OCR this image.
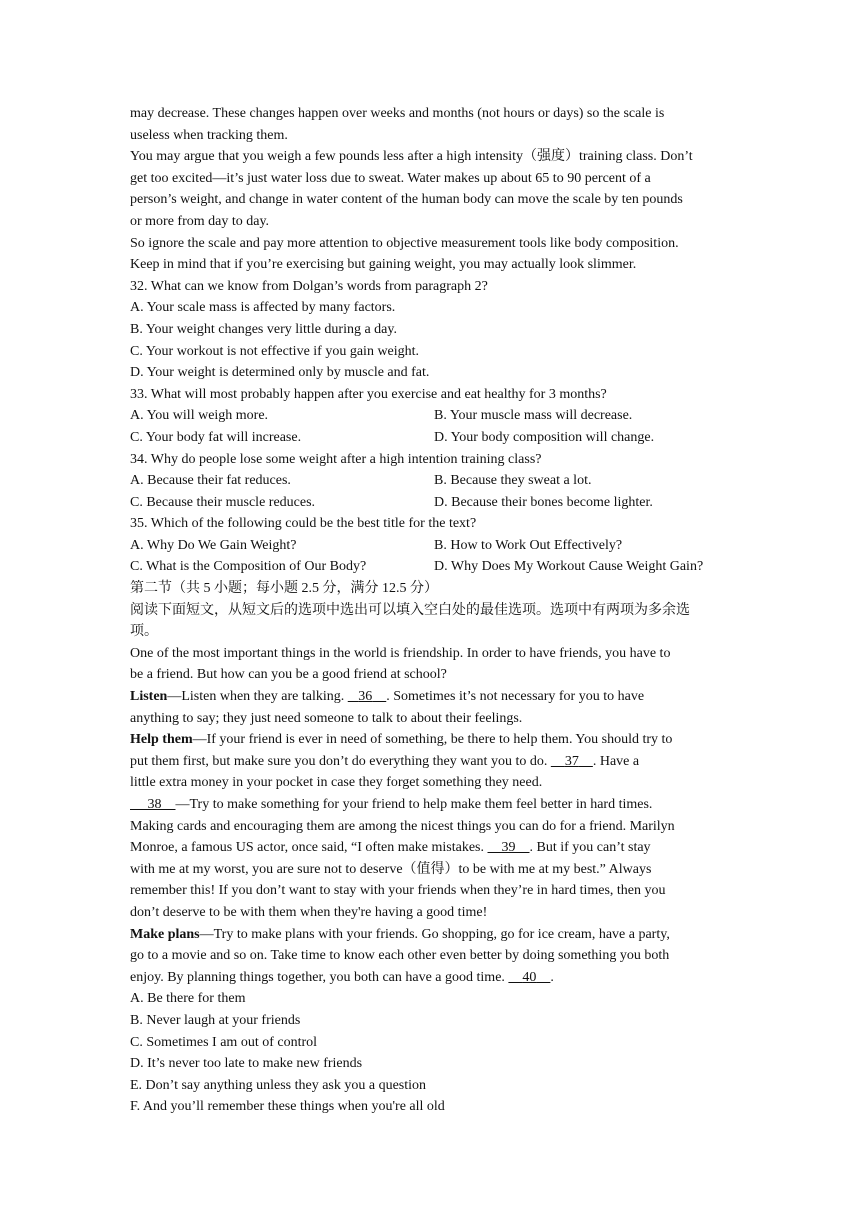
may decrease. These changes happen over weeks and months (not hours or days) so the scale is
useless when tracking them.
You may argue that you weigh a few pounds less after a high intensity（强度）training class. Don’t
get too excited—it’s just water loss due to sweat. Water makes up about 65 to 90 percent of a
person’s weight, and change in water content of the human body can move the scale by ten pounds
or more from day to day.
So ignore the scale and pay more attention to objective measurement tools like body composition.
Keep in mind that if you’re exercising but gaining weight, you may actually look slimmer.
32. What can we know from Dolgan’s words from paragraph 2?
A. Your scale mass is affected by many factors.
B. Your weight changes very little during a day.
C. Your workout is not effective if you gain weight.
D. Your weight is determined only by muscle and fat.
33. What will most probably happen after you exercise and eat healthy for 3 months?
A. You will weigh more.	B. Your muscle mass will decrease.
C. Your body fat will increase.	D. Your body composition will change.
34. Why do people lose some weight after a high intention training class?
A. Because their fat reduces.	B. Because they sweat a lot.
C. Because their muscle reduces.	D. Because their bones become lighter.
35. Which of the following could be the best title for the text?
A. Why Do We Gain Weight?	B. How to Work Out Effectively?
C. What is the Composition of Our Body?	D. Why Does My Workout Cause Weight Gain?
第二节（共 5 小题；每小题 2.5 分，满分 12.5 分）
阅读下面短文，从短文后的选项中选出可以填入空白处的最佳选项。选项中有两项为多余选
项。
One of the most important things in the world is friendship. In order to have friends, you have to
be a friend. But how can you be a good friend at school?
Listen—Listen when they are talking.    36 . Sometimes it’s not necessary for you to have
anything to say; they just need someone to talk to about their feelings.
Help them—If your friend is ever in need of something, be there to help them. You should try to
put them first, but make sure you don’t do everything they want you to do.     37 . Have a
little extra money in your pocket in case they forget something they need.
38 —Try to make something for your friend to help make them feel better in hard times.
Making cards and encouraging them are among the nicest things you can do for a friend. Marilyn
Monroe, a famous US actor, once said, “I often make mistakes.     39 . But if you can’t stay
with me at my worst, you are sure not to deserve（值得）to be with me at my best.” Always
remember this! If you don’t want to stay with your friends when they’re in hard times, then you
don’t deserve to be with them when they're having a good time!
Make plans—Try to make plans with your friends. Go shopping, go for ice cream, have a party,
go to a movie and so on. Take time to know each other even better by doing something you both
enjoy. By planning things together, you both can have a good time.     40 .
A. Be there for them
B. Never laugh at your friends
C. Sometimes I am out of control
D. It’s never too late to make new friends
E. Don’t say anything unless they ask you a question
F. And you’ll remember these things when you're all old
